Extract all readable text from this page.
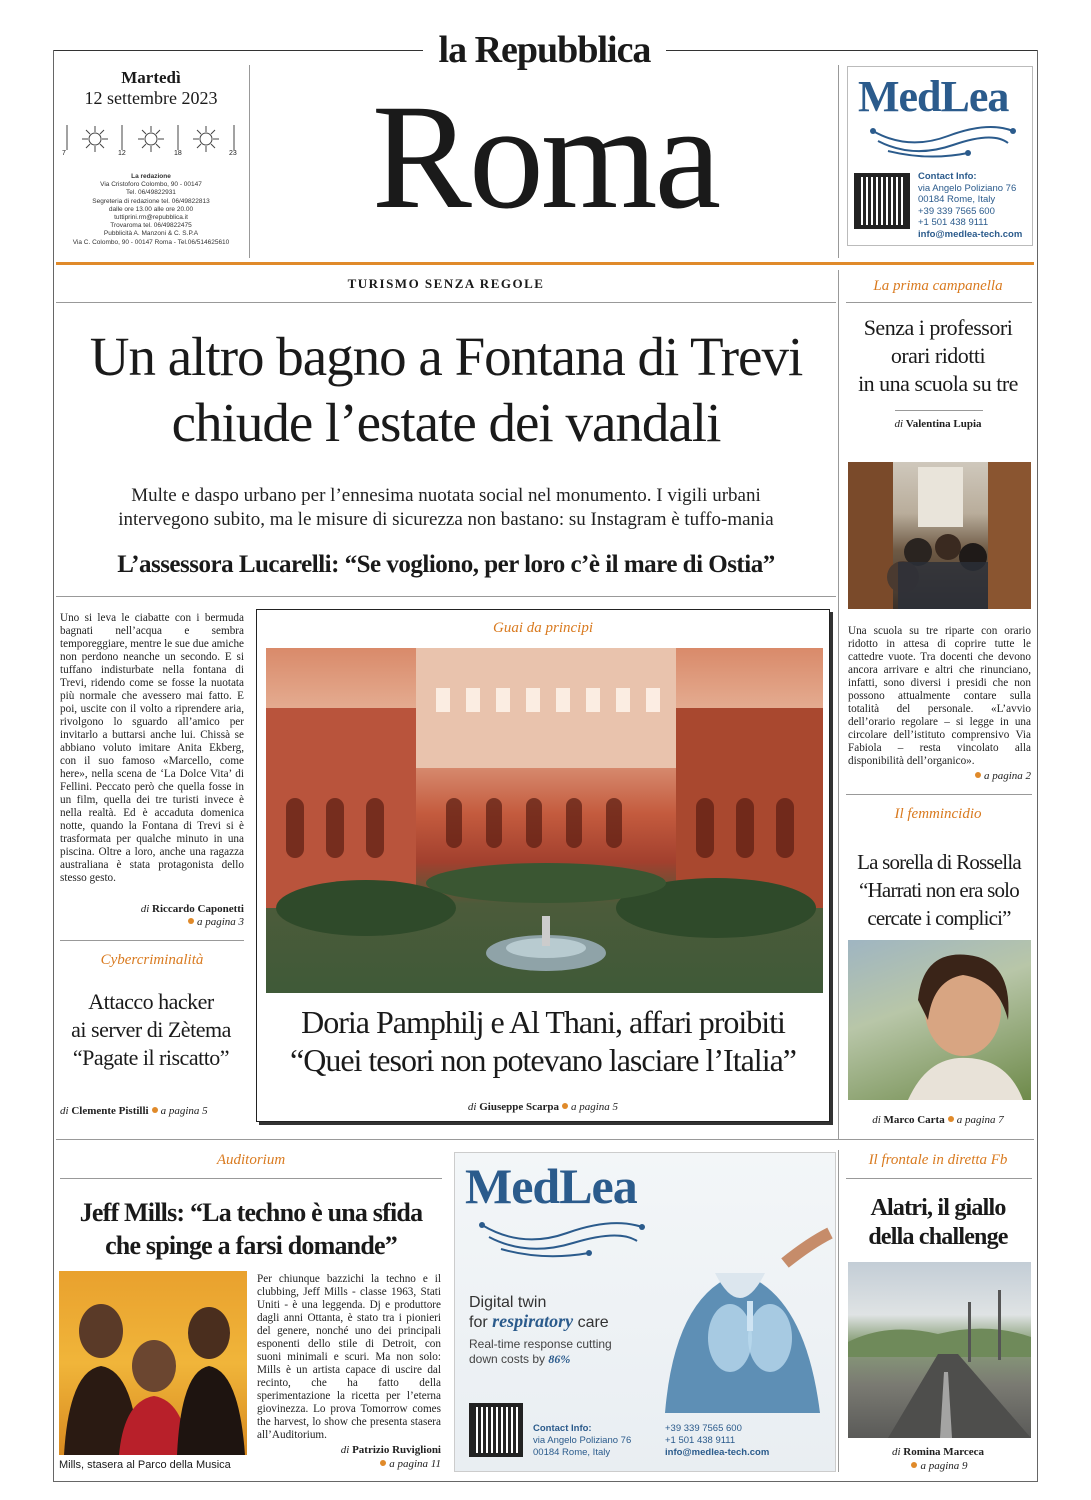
la Repubblica
Roma
Martedì
12 settembre 2023
7	12	18	23
La redazione
Via Cristoforo Colombo, 90 - 00147
Tel. 06/49822931
Segreteria di redazione tel. 06/49822813
dalle ore 13.00 alle ore 20.00
tuttiprini.rm@repubblica.it
Trovaroma tel. 06/49822475
Pubblicità A. Manzoni & C. S.P.A
Via C. Colombo, 90 - 00147 Roma - Tel.06/514625610
MedLea
Contact Info:
via Angelo Poliziano 76
00184 Rome, Italy
+39 339 7565 600
+1 501 438 9111
info@medlea-tech.com
TURISMO SENZA REGOLE
Un altro bagno a Fontana di Trevi
chiude l’estate dei vandali
Multe e daspo urbano per l’ennesima nuotata social nel monumento. I vigili urbani
intervegono subito, ma le misure di sicurezza non bastano: su Instagram è tuffo-mania
L’assessora Lucarelli: “Se vogliono, per loro c’è il mare di Ostia”
Uno si leva le ciabatte con i bermuda bagnati nell’acqua e sembra temporeggiare, mentre le sue due amiche non perdono neanche un secondo. E si tuffano indisturbate nella fontana di Trevi, ridendo come se fosse la nuotata più normale che avessero mai fatto. E poi, uscite con il volto a riprendere aria, rivolgono lo sguardo all’amico per invitarlo a buttarsi anche lui. Chissà se abbiano voluto imitare Anita Ekberg, con il suo famoso «Marcello, come here», nella scena de ‘La Dolce Vita’ di Fellini. Peccato però che quella fosse in un film, quella dei tre turisti invece è nella realtà. Ed è accaduta domenica notte, quando la Fontana di Trevi si è trasformata per qualche minuto in una piscina. Oltre a loro, anche una ragazza australiana è stata protagonista dello stesso gesto.
di Riccardo Caponetti
a pagina 3
Cybercriminalità
Attacco hacker
ai server di Zètema
“Pagate il riscatto”
di Clemente Pistilli a pagina 5
Guai da principi
Doria Pamphilj e Al Thani, affari proibiti
“Quei tesori non potevano lasciare l’Italia”
di Giuseppe Scarpa a pagina 5
La prima campanella
Senza i professori
orari ridotti
in una scuola su tre
di Valentina Lupia
Una scuola su tre riparte con orario ridotto in attesa di coprire tutte le cattedre vuote. Tra docenti che devono ancora arrivare e altri che rinunciano, infatti, sono diversi i presidi che non possono attualmente contare sulla totalità del personale. «L’avvio dell’orario regolare – si legge in una circolare dell’istituto comprensivo Via Fabiola – resta vincolato alla disponibilità dell’organico».
a pagina 2
Il femmincidio
La sorella di Rossella
“Harrati non era solo
cercate i complici”
di Marco Carta a pagina 7
Auditorium
Jeff Mills: “La techno è una sfida
che spinge a farsi domande”
Mills, stasera al Parco della Musica
Per chiunque bazzichi la techno e il clubbing, Jeff Mills - classe 1963, Stati Uniti - è una leggenda. Dj e produttore dagli anni Ottanta, è stato tra i pionieri del genere, nonché uno dei principali esponenti dello stile di Detroit, con suoni minimali e scuri. Ma non solo: Mills è un artista capace di uscire dal recinto, che ha fatto della sperimentazione la ricetta per l’eterna giovinezza. Lo prova Tomorrow comes the harvest, lo show che presenta stasera all’Auditorium.
di Patrizio Ruviglioni
a pagina 11
MedLea
Digital twin
for respiratory care
Real-time response cutting
down costs by 86%
Contact Info:
via Angelo Poliziano 76
00184 Rome, Italy
+39 339 7565 600
+1 501 438 9111
info@medlea-tech.com
Il frontale in diretta Fb
Alatri, il giallo
della challenge
di Romina Marceca
a pagina 9
